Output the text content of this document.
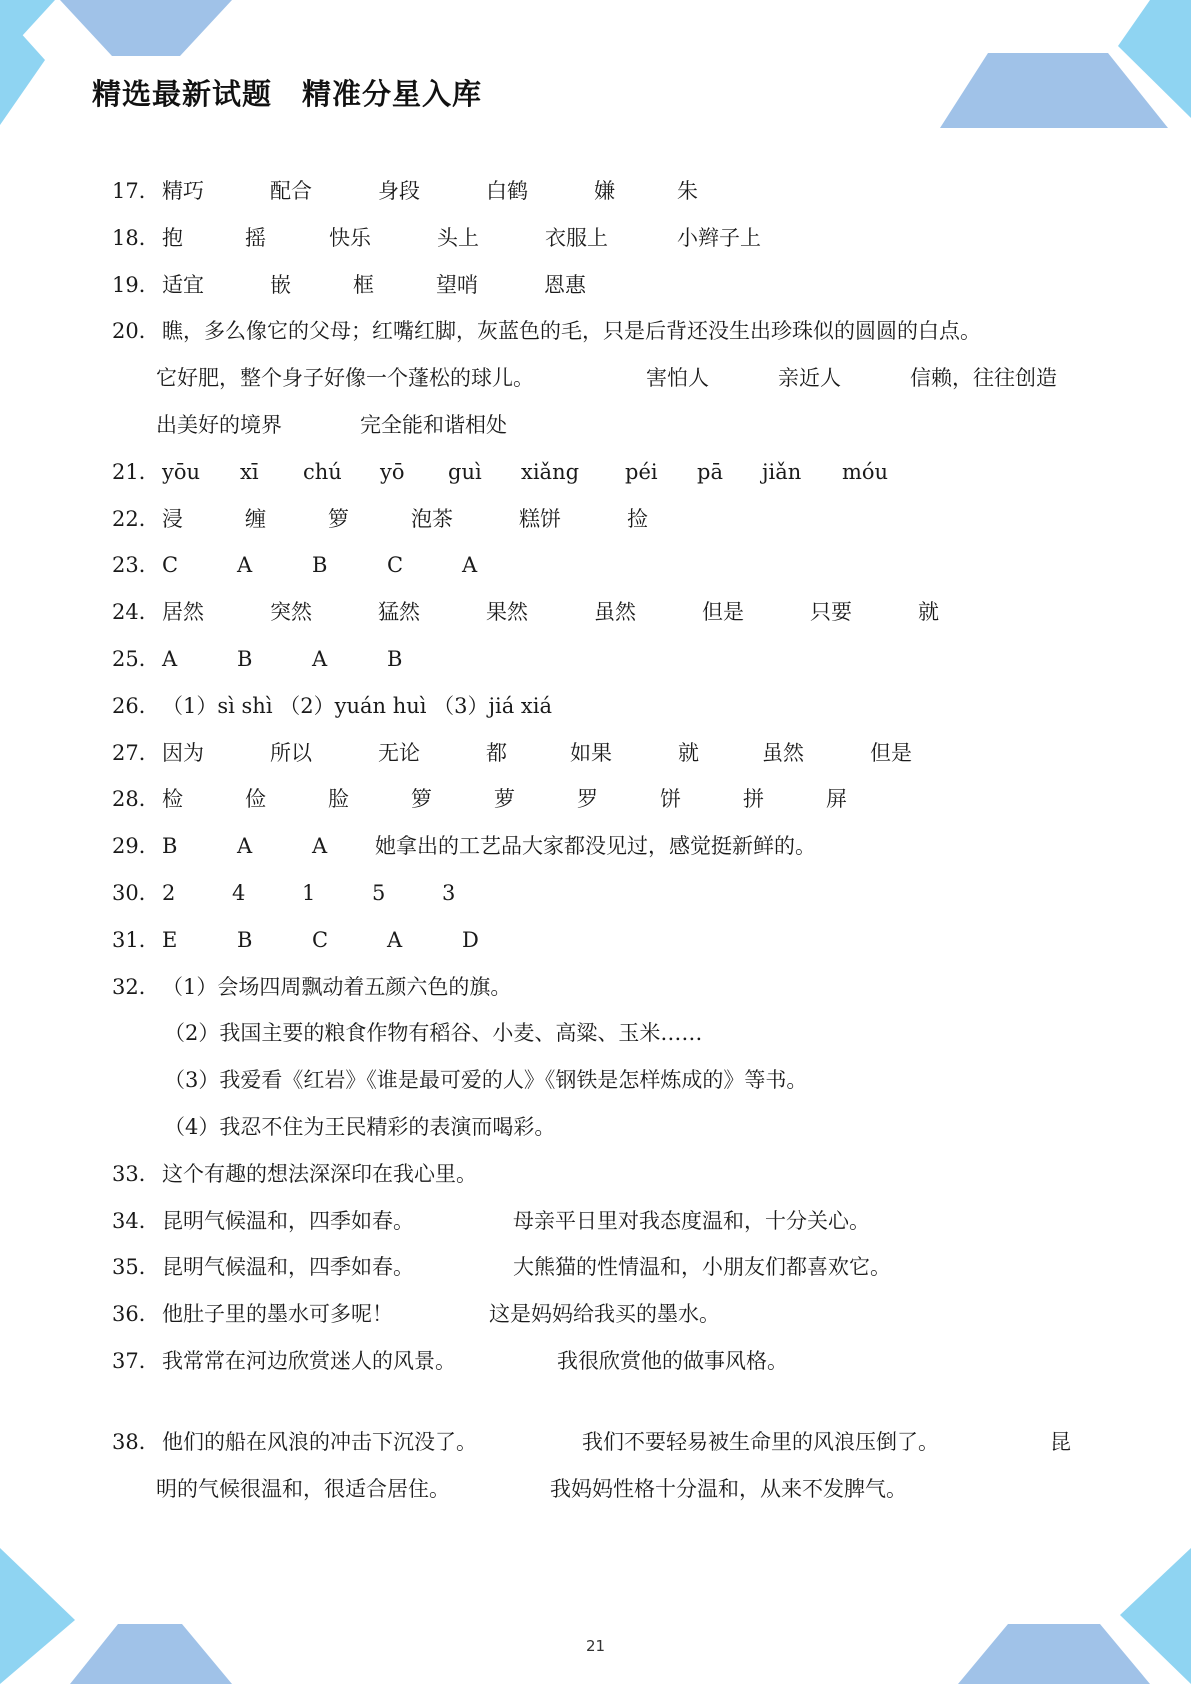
精选最新试题　精准分星入库
17． 精巧	配合	身段	白鹤	嫌	朱
18． 抱	摇	快乐	头上	衣服上	小辫子上
19． 适宜	嵌	框	望哨	恩惠
20． 瞧，多么像它的父母；红嘴红脚，灰蓝色的毛，只是后背还没生出珍珠似的圆圆的白点。
它好肥，整个身子好像一个蓬松的球儿。	害怕人	亲近人	信赖，往往创造
出美好的境界	完全能和谐相处
21． yōu xī chú yō guì xiǎng péi pā jiǎn móu
22． 浸	缠	箩	泡茶	糕饼	捡
23． C	A	B	C	A
24． 居然	突然	猛然	果然	虽然	但是	只要	就
25． A	B	A	B
26． （1）sì shì （2）yuán huì （3）jiá xiá
27． 因为	所以	无论	都	如果	就	虽然	但是
28． 检	俭	脸	箩	萝	罗	饼	拼	屏
29． B	A	A 她拿出的工艺品大家都没见过，感觉挺新鲜的。
30． 2	4	1	5	3
31． E	B	C	A	D
32． （1）会场四周飘动着五颜六色的旗。
（2）我国主要的粮食作物有稻谷、小麦、高粱、玉米……
（3）我爱看《红岩》《谁是最可爱的人》《钢铁是怎样炼成的》等书。
（4）我忍不住为王民精彩的表演而喝彩。
33． 这个有趣的想法深深印在我心里。
34． 昆明气候温和，四季如春。	母亲平日里对我态度温和，十分关心。
35． 昆明气候温和，四季如春。	大熊猫的性情温和，小朋友们都喜欢它。
36． 他肚子里的墨水可多呢！	这是妈妈给我买的墨水。
37． 我常常在河边欣赏迷人的风景。	我很欣赏他的做事风格。
38． 他们的船在风浪的冲击下沉没了。	我们不要轻易被生命里的风浪压倒了。	昆
明的气候很温和，很适合居住。	我妈妈性格十分温和，从来不发脾气。
21
